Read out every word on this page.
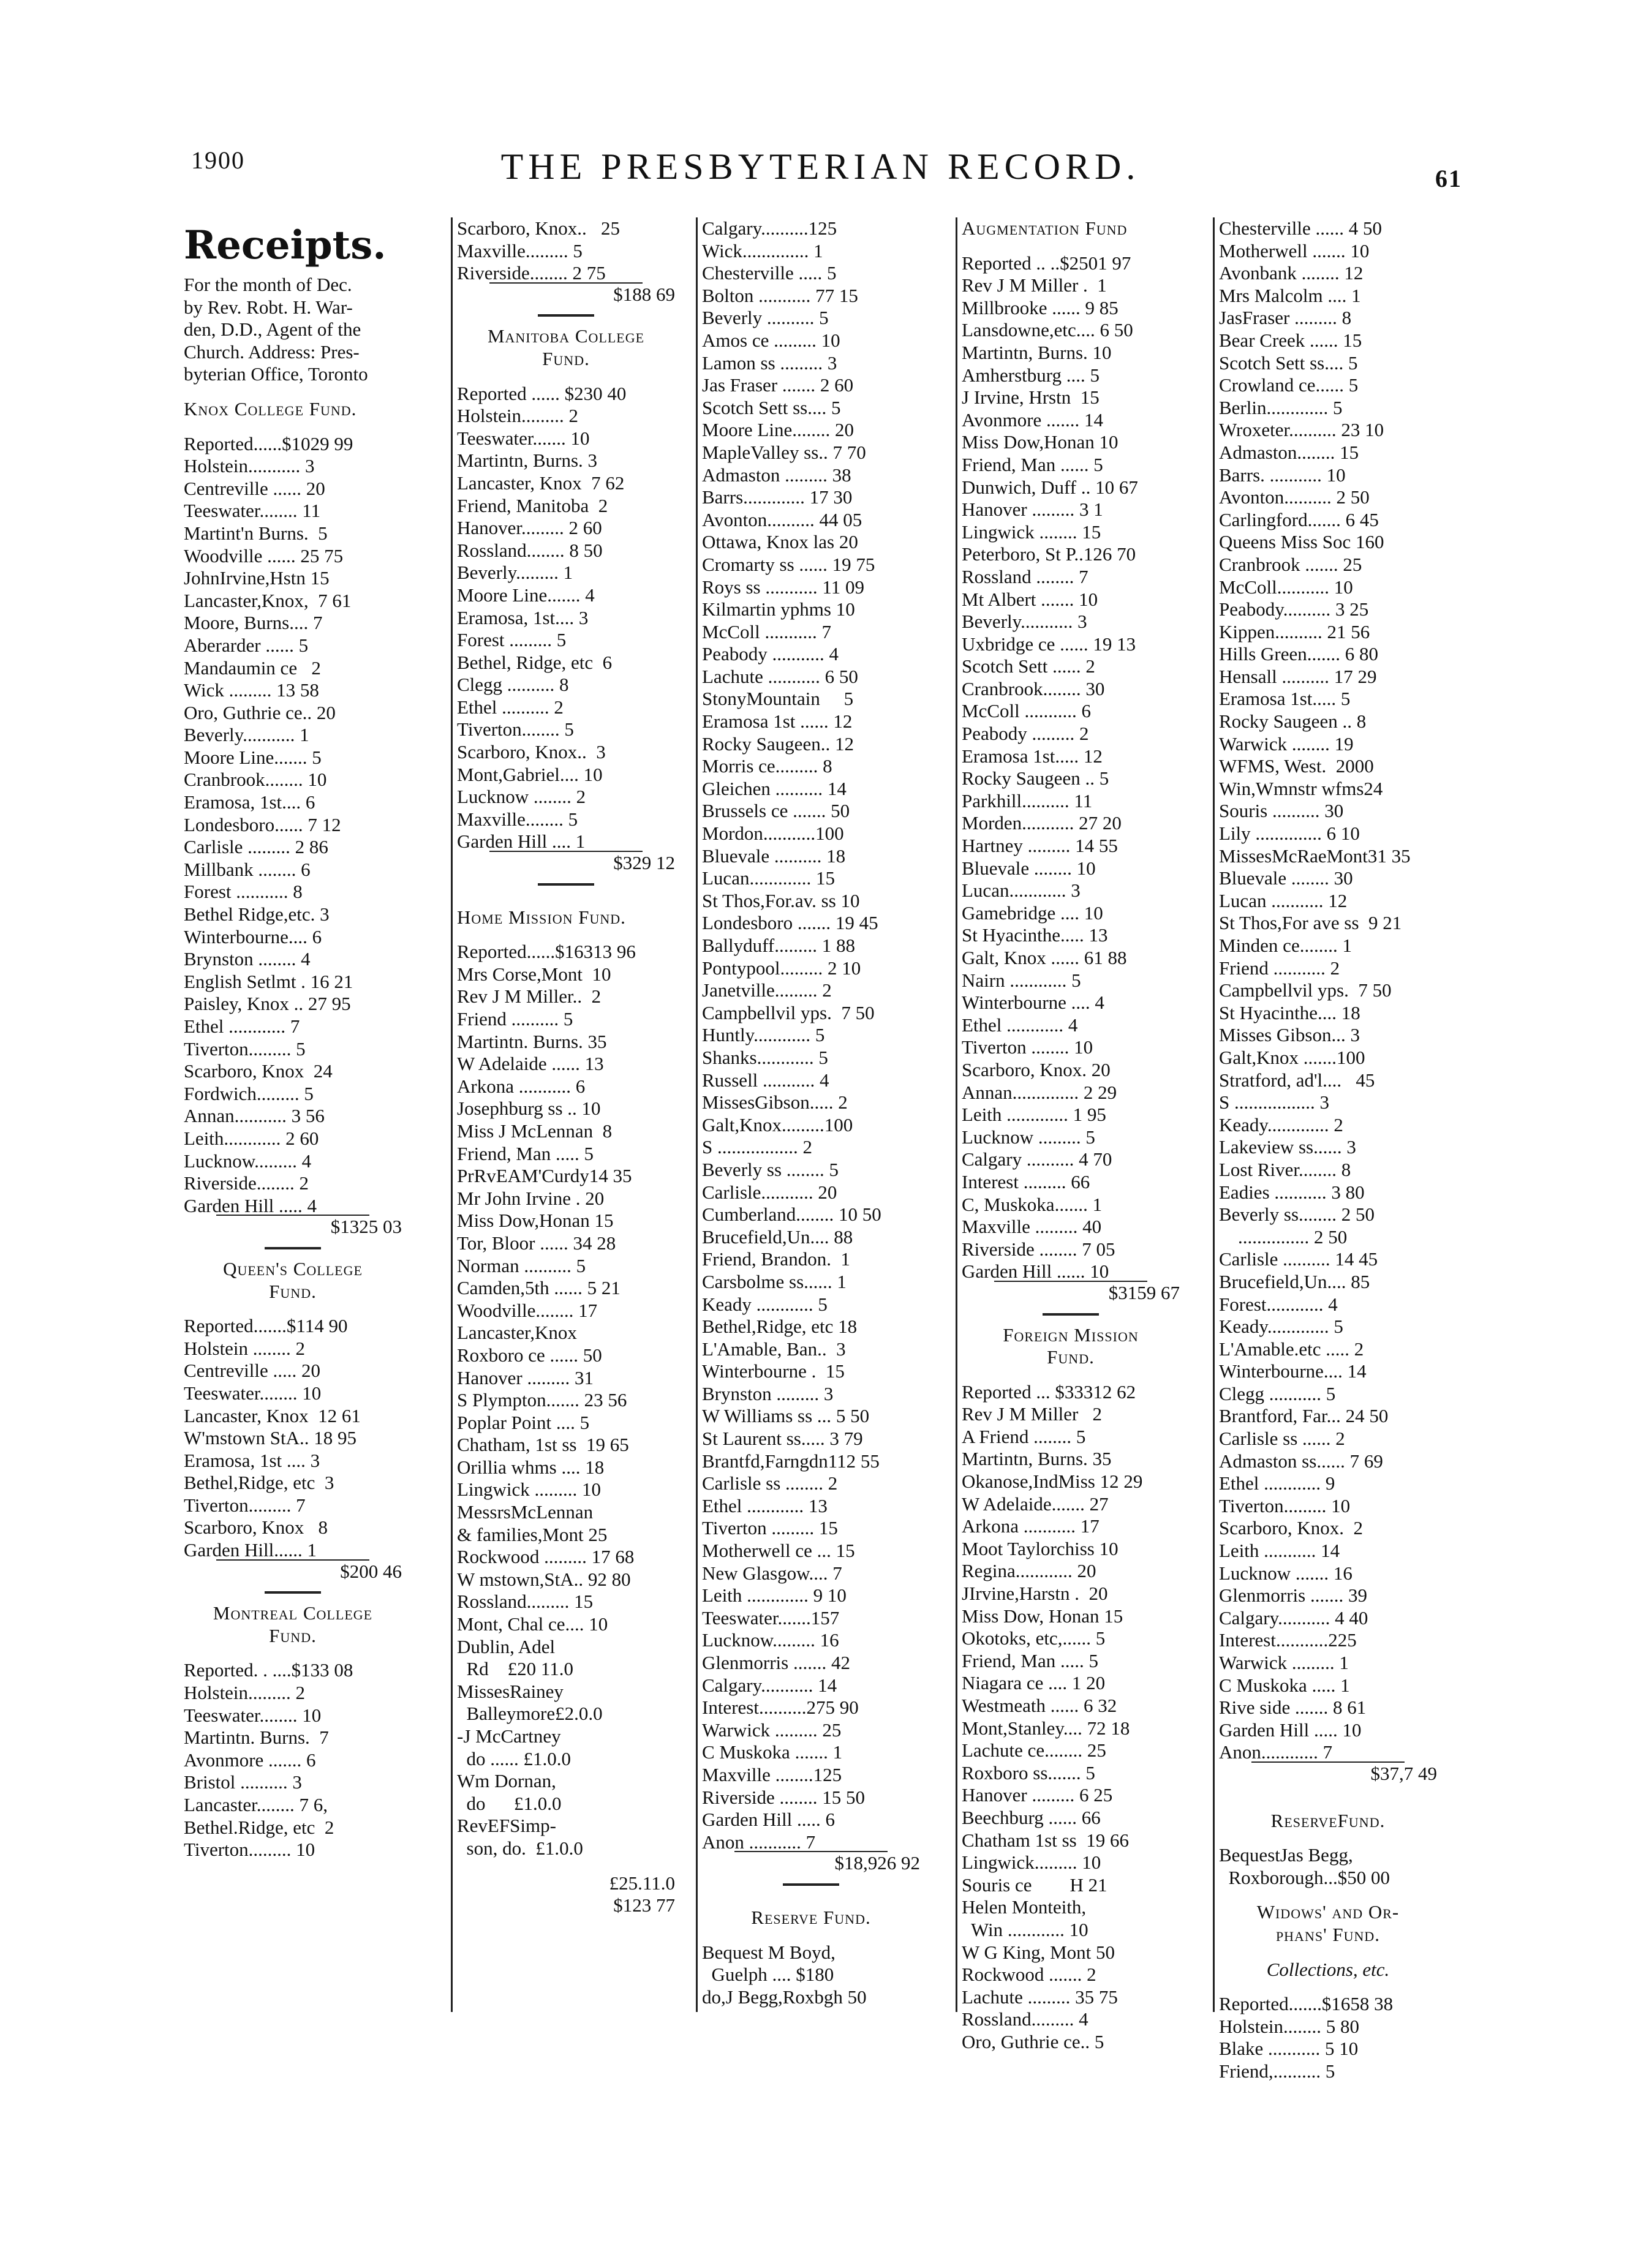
1900	THE PRESBYTERIAN RECORD.	61
Receipts.
For the month of Dec.
by Rev. Robt. H. War-
den, D.D., Agent of the
Church. Address: Pres-
byterian Office, Toronto
Knox College Fund.
Reported......$1029 99
Holstein........... 3
Centreville ...... 20
Teeswater........ 11
Martint'n Burns.  5
Woodville ...... 25 75
JohnIrvine,Hstn 15
Lancaster,Knox,  7 61
Moore, Burns.... 7
Aberarder ...... 5
Mandaumin ce   2
Wick ......... 13 58
Oro, Guthrie ce.. 20
Beverly........... 1
Moore Line....... 5
Cranbrook........ 10
Eramosa, 1st.... 6
Londesboro...... 7 12
Carlisle ......... 2 86
Millbank ........ 6
Forest ........... 8
Bethel Ridge,etc. 3
Winterbourne.... 6
Brynston ........ 4
English Setlmt . 16 21
Paisley, Knox .. 27 95
Ethel ............ 7
Tiverton......... 5
Scarboro, Knox  24
Fordwich......... 5
Annan........... 3 56
Leith............ 2 60
Lucknow......... 4
Riverside........ 2
Garden Hill ..... 4
$1325 03
Queen's College
Fund.
Reported.......$114 90
Holstein ........ 2
Centreville ..... 20
Teeswater........ 10
Lancaster, Knox  12 61
W'mstown StA.. 18 95
Eramosa, 1st .... 3
Bethel,Ridge, etc  3
Tiverton......... 7
Scarboro, Knox   8
Garden Hill...... 1
$200 46
Montreal College
Fund.
Reported. . ....$133 08
Holstein......... 2
Teeswater........ 10
Martintn. Burns.  7
Avonmore ....... 6
Bristol .......... 3
Lancaster........ 7 6,
Bethel.Ridge, etc  2
Tiverton......... 10
Scarboro, Knox..   25
Maxville......... 5
Riverside........ 2 75
$188 69
Manitoba College
Fund.
Reported ...... $230 40
Holstein......... 2
Teeswater....... 10
Martintn, Burns. 3
Lancaster, Knox  7 62
Friend, Manitoba  2
Hanover......... 2 60
Rossland........ 8 50
Beverly......... 1
Moore Line....... 4
Eramosa, 1st.... 3
Forest ......... 5
Bethel, Ridge, etc  6
Clegg .......... 8
Ethel .......... 2
Tiverton........ 5
Scarboro, Knox..  3
Mont,Gabriel.... 10
Lucknow ........ 2
Maxville........ 5
Garden Hill .... 1
$329 12
Home Mission Fund.
Reported......$16313 96
Mrs Corse,Mont  10
Rev J M Miller..  2
Friend .......... 5
Martintn. Burns. 35
W Adelaide ...... 13
Arkona ........... 6
Josephburg ss .. 10
Miss J McLennan  8
Friend, Man ..... 5
PrRvEAM'Curdy14 35
Mr John Irvine . 20
Miss Dow,Honan 15
Tor, Bloor ...... 34 28
Norman .......... 5
Camden,5th ...... 5 21
Woodville........ 17
Lancaster,Knox
Roxboro ce ...... 50
Hanover ......... 31
S Plympton....... 23 56
Poplar Point .... 5
Chatham, 1st ss  19 65
Orillia whms .... 18
Lingwick ......... 10
MessrsMcLennan
& families,Mont 25
Rockwood ......... 17 68
W mstown,StA.. 92 80
Rossland......... 15
Mont, Chal ce.... 10
Dublin, Adel
Rd    £20 11.0
MissesRainey
Balleymore£2.0.0
-J McCartney
do ...... £1.0.0
Wm Dornan,
do      £1.0.0
RevEFSimp-
son, do.  £1.0.0
£25.11.0
$123 77
Calgary..........125
Wick.............. 1
Chesterville ..... 5
Bolton ........... 77 15
Beverly .......... 5
Amos ce ......... 10
Lamon ss ......... 3
Jas Fraser ....... 2 60
Scotch Sett ss.... 5
Moore Line........ 20
MapleValley ss.. 7 70
Admaston ......... 38
Barrs............. 17 30
Avonton.......... 44 05
Ottawa, Knox las 20
Cromarty ss ...... 19 75
Roys ss ........... 11 09
Kilmartin yphms 10
McColl ........... 7
Peabody ........... 4
Lachute ........... 6 50
StonyMountain     5
Eramosa 1st ...... 12
Rocky Saugeen.. 12
Morris ce......... 8
Gleichen .......... 14
Brussels ce ....... 50
Mordon...........100
Bluevale .......... 18
Lucan............. 15
St Thos,For.av. ss 10
Londesboro ....... 19 45
Ballyduff......... 1 88
Pontypool......... 2 10
Janetville......... 2
Campbellvil yps.  7 50
Huntly............ 5
Shanks............ 5
Russell ........... 4
MissesGibson..... 2
Galt,Knox.........100
S ................. 2
Beverly ss ........ 5
Carlisle........... 20
Cumberland........ 10 50
Brucefield,Un.... 88
Friend, Brandon.  1
Carsbolme ss...... 1
Keady ............ 5
Bethel,Ridge, etc 18
L'Amable, Ban..  3
Winterbourne .  15
Brynston ......... 3
W Williams ss ... 5 50
St Laurent ss..... 3 79
Brantfd,Farngdn112 55
Carlisle ss ........ 2
Ethel ............ 13
Tiverton ......... 15
Motherwell ce ... 15
New Glasgow.... 7
Leith ............. 9 10
Teeswater.......157
Lucknow......... 16
Glenmorris ....... 42
Calgary........... 14
Interest..........275 90
Warwick ......... 25
C Muskoka ....... 1
Maxville ........125
Riverside ........ 15 50
Garden Hill ..... 6
Anon ........... 7
$18,926 92
Reserve Fund.
Bequest M Boyd,
Guelph .... $180
do,J Begg,Roxbgh 50
Augmentation Fund
Reported .. ..$2501 97
Rev J M Miller .  1
Millbrooke ...... 9 85
Lansdowne,etc.... 6 50
Martintn, Burns. 10
Amherstburg .... 5
J Irvine, Hrstn  15
Avonmore ....... 14
Miss Dow,Honan 10
Friend, Man ...... 5
Dunwich, Duff .. 10 67
Hanover ......... 3 1
Lingwick ........ 15
Peterboro, St P..126 70
Rossland ........ 7
Mt Albert ....... 10
Beverly........... 3
Uxbridge ce ...... 19 13
Scotch Sett ...... 2
Cranbrook........ 30
McColl ........... 6
Peabody ......... 2
Eramosa 1st..... 12
Rocky Saugeen .. 5
Parkhill.......... 11
Morden........... 27 20
Hartney ......... 14 55
Bluevale ........ 10
Lucan............ 3
Gamebridge .... 10
St Hyacinthe..... 13
Galt, Knox ...... 61 88
Nairn ............ 5
Winterbourne .... 4
Ethel ............ 4
Tiverton ........ 10
Scarboro, Knox. 20
Annan.............. 2 29
Leith ............. 1 95
Lucknow ......... 5
Calgary .......... 4 70
Interest ......... 66
C, Muskoka....... 1
Maxville ......... 40
Riverside ........ 7 05
Garden Hill ...... 10
$3159 67
Foreign Mission
Fund.
Reported ... $33312 62
Rev J M Miller   2
A Friend ........ 5
Martintn, Burns. 35
Okanose,IndMiss 12 29
W Adelaide....... 27
Arkona ........... 17
Moot Taylorchiss 10
Regina............ 20
JIrvine,Harstn .  20
Miss Dow, Honan 15
Okotoks, etc,...... 5
Friend, Man ..... 5
Niagara ce .... 1 20
Westmeath ...... 6 32
Mont,Stanley.... 72 18
Lachute ce........ 25
Roxboro ss....... 5
Hanover ......... 6 25
Beechburg ...... 66
Chatham 1st ss  19 66
Lingwick......... 10
Souris ce        H 21
Helen Monteith,
Win ............ 10
W G King, Mont 50
Rockwood ....... 2
Lachute ......... 35 75
Rossland......... 4
Oro, Guthrie ce.. 5
Chesterville ...... 4 50
Motherwell ....... 10
Avonbank ........ 12
Mrs Malcolm .... 1
JasFraser ......... 8
Bear Creek ...... 15
Scotch Sett ss.... 5
Crowland ce...... 5
Berlin............. 5
Wroxeter.......... 23 10
Admaston........ 15
Barrs. ........... 10
Avonton.......... 2 50
Carlingford....... 6 45
Queens Miss Soc 160
Cranbrook ....... 25
McColl........... 10
Peabody.......... 3 25
Kippen.......... 21 56
Hills Green....... 6 80
Hensall .......... 17 29
Eramosa 1st..... 5
Rocky Saugeen .. 8
Warwick ........ 19
WFMS, West.  2000
Win,Wmnstr wfms24
Souris .......... 30
Lily .............. 6 10
MissesMcRaeMont31 35
Bluevale ........ 30
Lucan ........... 12
St Thos,For ave ss  9 21
Minden ce........ 1
Friend ........... 2
Campbellvil yps.  7 50
St Hyacinthe.... 18
Misses Gibson... 3
Galt,Knox .......100
Stratford, ad'l....   45
S ................. 3
Keady............. 2
Lakeview ss...... 3
Lost River........ 8
Eadies ........... 3 80
Beverly ss........ 2 50
............... 2 50
Carlisle .......... 14 45
Brucefield,Un.... 85
Forest............ 4
Keady............. 5
L'Amable.etc ..... 2
Winterbourne.... 14
Clegg ........... 5
Brantford, Far... 24 50
Carlisle ss ...... 2
Admaston ss...... 7 69
Ethel ............ 9
Tiverton......... 10
Scarboro, Knox.  2
Leith ........... 14
Lucknow ....... 16
Glenmorris ....... 39
Calgary........... 4 40
Interest...........225
Warwick ......... 1
C Muskoka ..... 1
Rive side ....... 8 61
Garden Hill ..... 10
Anon............ 7
$37,7 49
ReserveFund.
BequestJas Begg,
Roxborough...$50 00
Widows' and Or-
phans' Fund.
Collections, etc.
Reported.......$1658 38
Holstein........ 5 80
Blake ........... 5 10
Friend,.......... 5
